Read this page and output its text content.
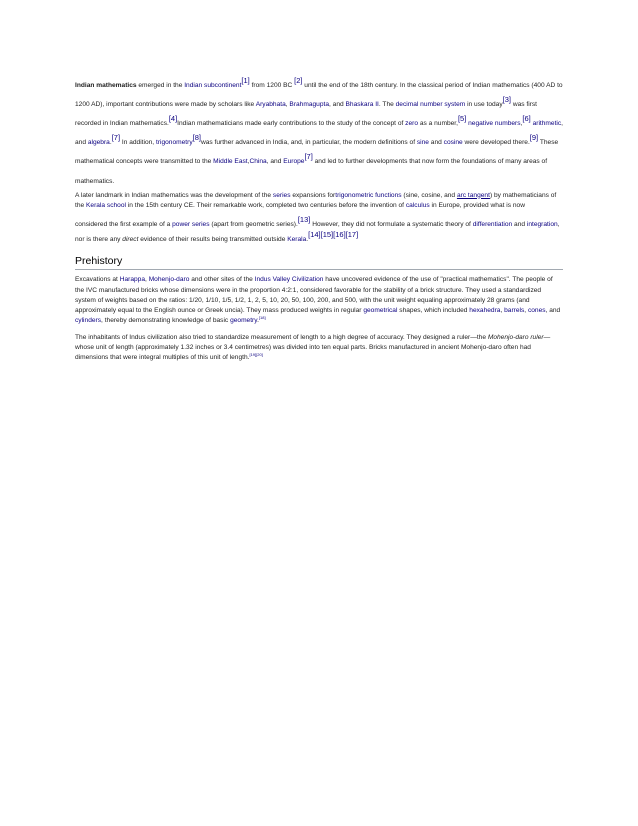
Indian mathematics emerged in the Indian subcontinent[1] from 1200 BC [2] until the end of the 18th century. In the classical period of Indian mathematics (400 AD to 1200 AD), important contributions were made by scholars like Aryabhata, Brahmagupta, and Bhaskara II. The decimal number system in use today[3] was first recorded in Indian mathematics.[4]Indian mathematicians made early contributions to the study of the concept of zero as a number,[5] negative numbers,[6] arithmetic, and algebra.[7] In addition, trigonometry[8]was further advanced in India, and, in particular, the modern definitions of sine and cosine were developed there.[9] These mathematical concepts were transmitted to the Middle East,China, and Europe[7] and led to further developments that now form the foundations of many areas of mathematics.

A later landmark in Indian mathematics was the development of the series expansions fortrigonometric functions (sine, cosine, and arc tangent) by mathematicians of the Kerala school in the 15th century CE. Their remarkable work, completed two centuries before the invention of calculus in Europe, provided what is now

considered the first example of a power series (apart from geometric series).[13] However, they did not formulate a systematic theory of differentiation and integration, nor is there any direct evidence of their results being transmitted outside Kerala.[14][15][16][17]

Prehistory

Excavations at Harappa, Mohenjo-daro and other sites of the Indus Valley Civilization have uncovered evidence of the use of "practical mathematics". The people of the IVC manufactured bricks whose dimensions were in the proportion 4:2:1, considered favorable for the stability of a brick structure. They used a standardized system of weights based on the ratios: 1/20, 1/10, 1/5, 1/2, 1, 2, 5, 10, 20, 50, 100, 200, and 500, with the unit weight equaling approximately 28 grams (and approximately equal to the English ounce or Greek uncia). They mass produced weights in regular geometrical shapes, which included hexahedra, barrels, cones, and cylinders, thereby demonstrating knowledge of basic geometry.[18]

The inhabitants of Indus civilization also tried to standardize measurement of length to a high degree of accuracy. They designed a ruler—the Mohenjo-daro ruler—whose unit of length (approximately 1.32 inches or 3.4 centimetres) was divided into ten equal parts. Bricks manufactured in ancient Mohenjo-daro often had dimensions that were integral multiples of this unit of length.[19][20]
